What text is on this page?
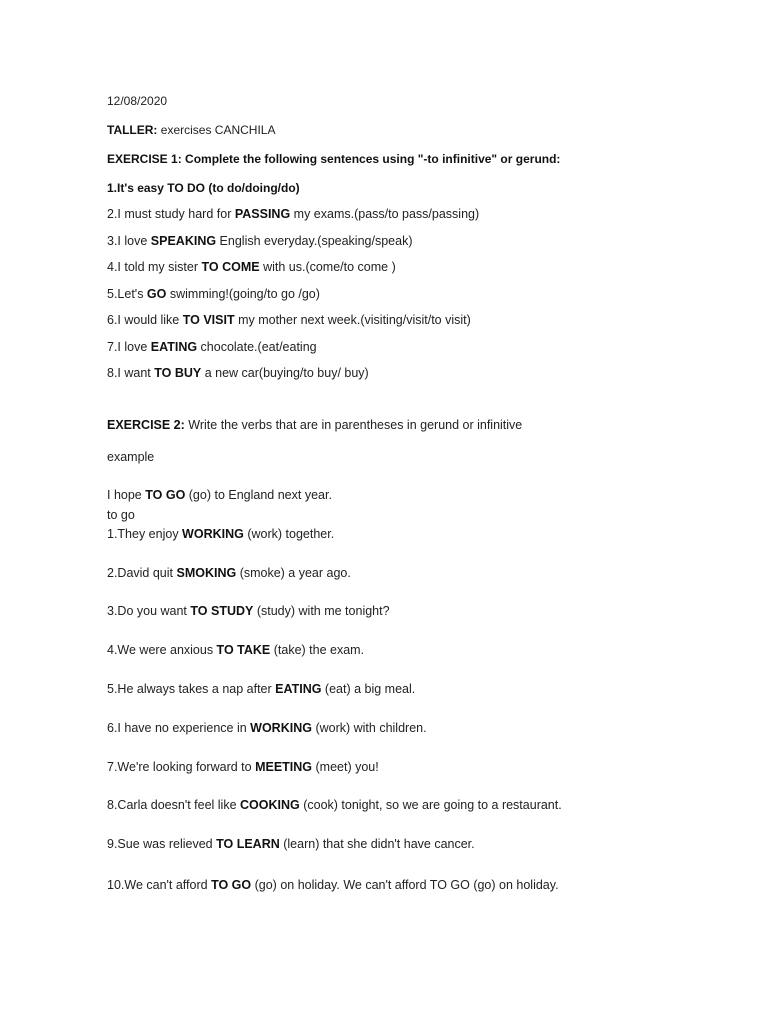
12/08/2020
TALLER: exercises CANCHILA
EXERCISE 1: Complete the following sentences using "-to infinitive" or gerund:
1.It's easy TO DO (to do/doing/do)
2.I must study hard for PASSING my exams.(pass/to pass/passing)
3.I love SPEAKING English everyday.(speaking/speak)
4.I told my sister TO COME with us.(come/to come )
5.Let's GO swimming!(going/to go /go)
6.I would like TO VISIT my mother next week.(visiting/visit/to visit)
7.I love EATING chocolate.(eat/eating
8.I want TO BUY a new car(buying/to buy/ buy)
EXERCISE 2: Write the verbs that are in parentheses in gerund or infinitive
example
I hope TO GO (go) to England next year.
to go
1.They enjoy WORKING (work) together.
2.David quit SMOKING (smoke) a year ago.
3.Do you want TO STUDY (study) with me tonight?
4.We were anxious TO TAKE (take) the exam.
5.He always takes a nap after EATING (eat) a big meal.
6.I have no experience in WORKING (work) with children.
7.We're looking forward to MEETING (meet) you!
8.Carla doesn't feel like COOKING (cook) tonight, so we are going to a restaurant.
9.Sue was relieved TO LEARN (learn) that she didn't have cancer.
10.We can't afford TO GO (go) on holiday. We can't afford TO GO (go) on holiday.
